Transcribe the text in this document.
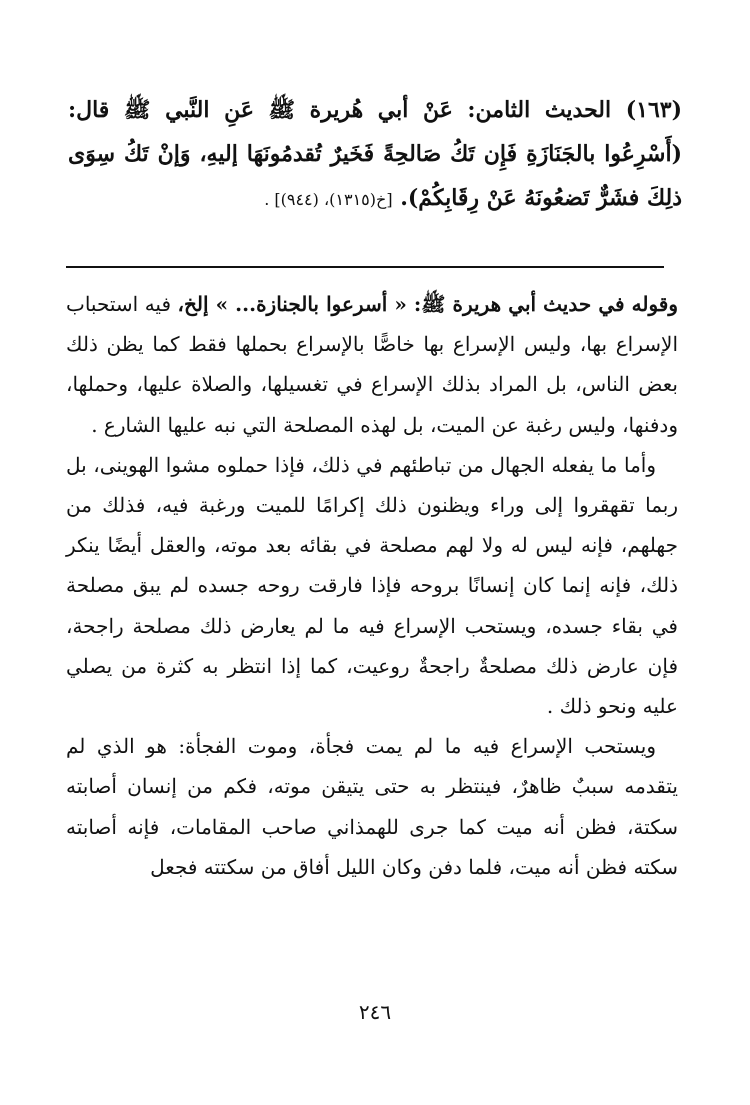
(١٦٣) الحديث الثامن: عَنْ أبي هُريرة ﷺ عَنِ النَّبي ﷺ قال: (أَسْرِعُوا بالجَنَازَةِ فَإِن تَكُ صَالحِةً فَخَيرٌ تُقدمُونَهَا إليهِ، وَإنْ تَكُ سِوَى ذلِكَ فشَرٌّ تَضعُونَهُ عَنْ رِقَابِكُمْ). [خ(١٣١٥)، (٩٤٤)] .

وقوله في حديث أبي هريرة ﷺ: « أسرعوا بالجنازة... » إلخ، فيه استحباب الإسراع بها، وليس الإسراع بها خاصًّا بالإسراع بحملها فقط كما يظن ذلك بعض الناس، بل المراد بذلك الإسراع في تغسيلها، والصلاة عليها، وحملها، ودفنها، وليس رغبة عن الميت، بل لهذه المصلحة التي نبه عليها الشارع .

وأما ما يفعله الجهال من تباطئهم في ذلك، فإذا حملوه مشوا الهوينى، بل ربما تقهقروا إلى وراء ويظنون ذلك إكرامًا للميت ورغبة فيه، فذلك من جهلهم، فإنه ليس له ولا لهم مصلحة في بقائه بعد موته، والعقل أيضًا ينكر ذلك، فإنه إنما كان إنسانًا بروحه فإذا فارقت روحه جسده لم يبق مصلحة في بقاء جسده، ويستحب الإسراع فيه ما لم يعارض ذلك مصلحة راجحة، فإن عارض ذلك مصلحةٌ راجحةٌ روعيت، كما إذا انتظر به كثرة من يصلي عليه ونحو ذلك .

ويستحب الإسراع فيه ما لم يمت فجأة، وموت الفجأة: هو الذي لم يتقدمه سببٌ ظاهرٌ، فينتظر به حتى يتيقن موته، فكم من إنسان أصابته سكتة، فظن أنه ميت كما جرى للهمذاني صاحب المقامات، فإنه أصابته سكته فظن أنه ميت، فلما دفن وكان الليل أفاق من سكتته فجعل

٢٤٦
